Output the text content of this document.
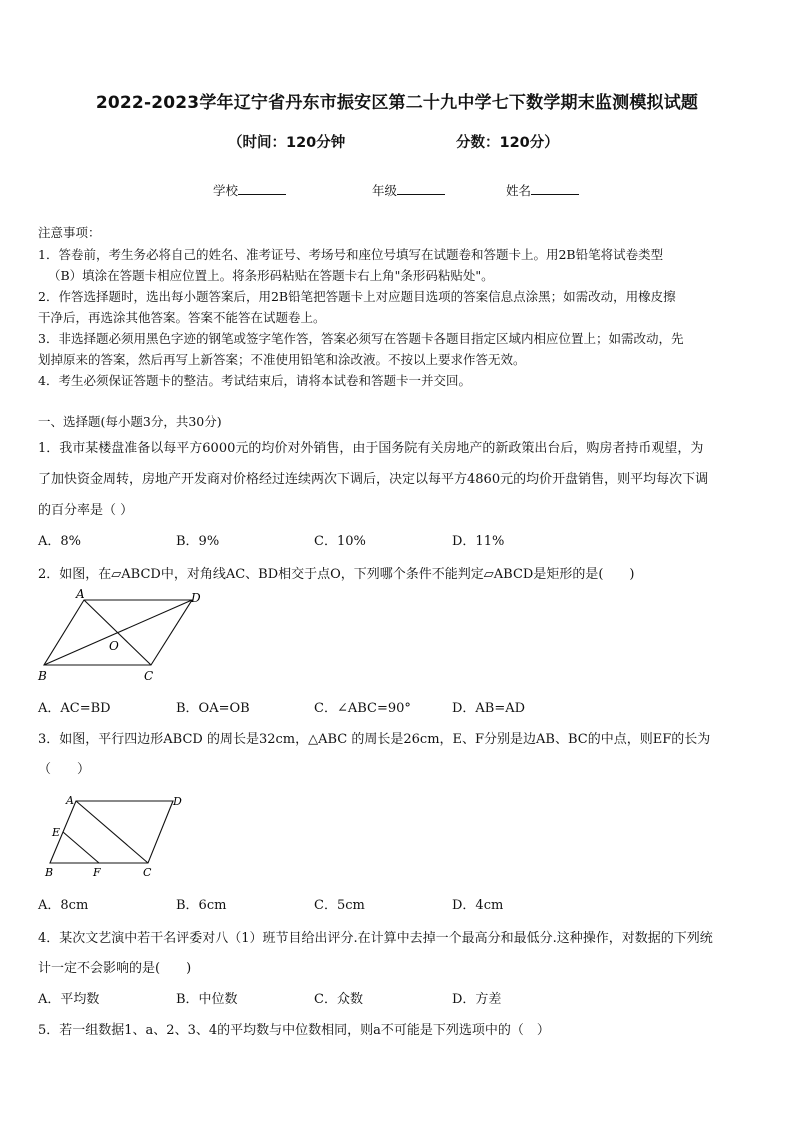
2022-2023学年辽宁省丹东市振安区第二十九中学七下数学期末监测模拟试题
（时间：120分钟	分数：120分）
学校	年级	姓名
注意事项：
1．答卷前，考生务必将自己的姓名、准考证号、考场号和座位号填写在试题卷和答题卡上。用2B铅笔将试卷类型
（B）填涂在答题卡相应位置上。将条形码粘贴在答题卡右上角"条形码粘贴处"。
2．作答选择题时，选出每小题答案后，用2B铅笔把答题卡上对应题目选项的答案信息点涂黑；如需改动，用橡皮擦
干净后，再选涂其他答案。答案不能答在试题卷上。
3．非选择题必须用黑色字迹的钢笔或签字笔作答，答案必须写在答题卡各题目指定区域内相应位置上；如需改动，先
划掉原来的答案，然后再写上新答案；不准使用铅笔和涂改液。不按以上要求作答无效。
4．考生必须保证答题卡的整洁。考试结束后，请将本试卷和答题卡一并交回。
一、选择题(每小题3分，共30分)
1．我市某楼盘准备以每平方6000元的均价对外销售，由于国务院有关房地产的新政策出台后，购房者持币观望，为
了加快资金周转，房地产开发商对价格经过连续两次下调后，决定以每平方4860元的均价开盘销售，则平均每次下调
的百分率是（ ）
A．8%	B．9%	C．10%	D．11%
2．如图，在▱ABCD中，对角线AC、BD相交于点O，下列哪个条件不能判定▱ABCD是矩形的是(　　)
A	D
B	C
O
A．AC=BD	B．OA=OB	C．∠ABC=90°	D．AB=AD
3．如图，平行四边形ABCD 的周长是32cm，△ABC 的周长是26cm，E、F分别是边AB、BC的中点，则EF的长为
（　　）
A	D
E
B	F	C
A．8cm	B．6cm	C．5cm	D．4cm
4．某次文艺演中若干名评委对八（1）班节目给出评分.在计算中去掉一个最高分和最低分.这种操作，对数据的下列统
计一定不会影响的是(　　)
A．平均数	B．中位数	C．众数	D．方差
5．若一组数据1、a、2、3、4的平均数与中位数相同，则a不可能是下列选项中的（　）
